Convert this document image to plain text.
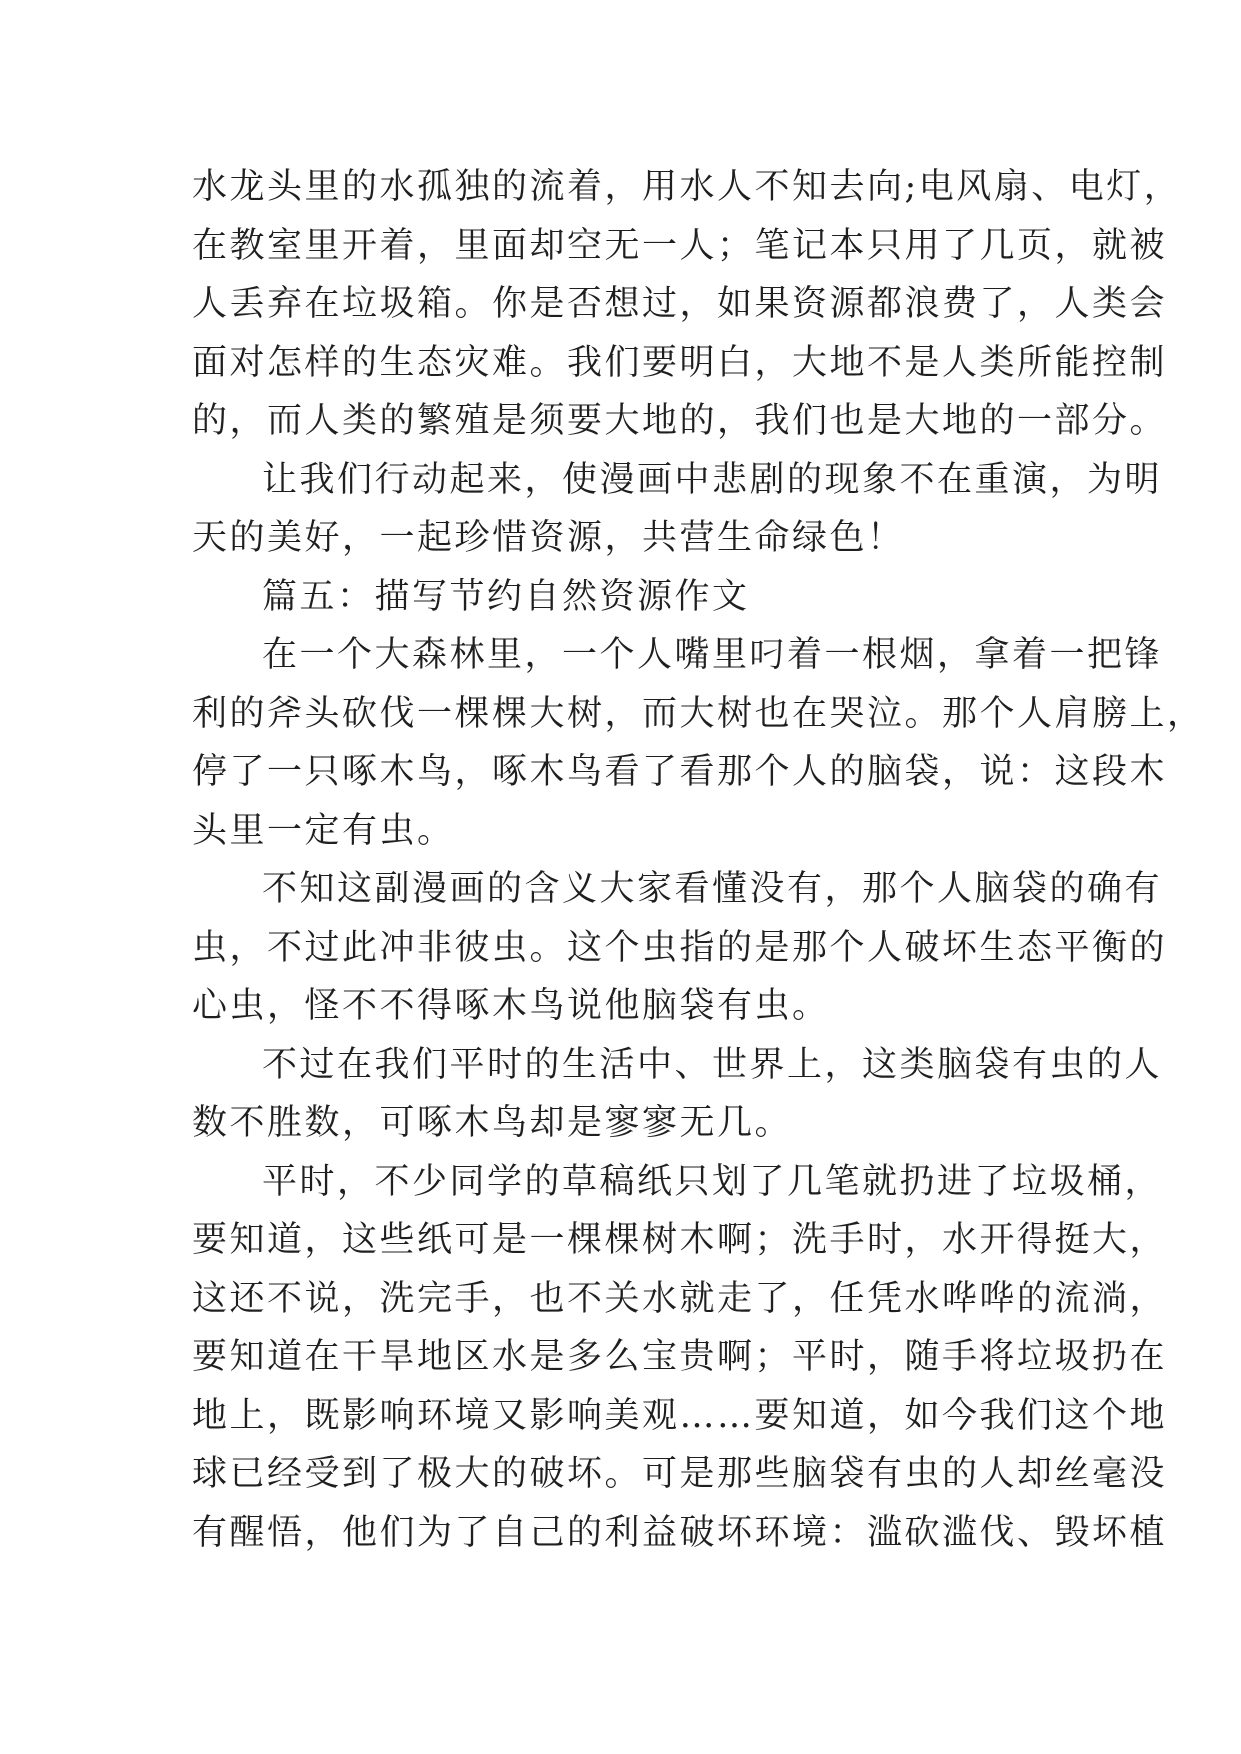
水龙头里的水孤独的流着，用水人不知去向;电风扇、电灯，
在教室里开着，里面却空无一人；笔记本只用了几页，就被
人丢弃在垃圾箱。你是否想过，如果资源都浪费了，人类会
面对怎样的生态灾难。我们要明白，大地不是人类所能控制
的，而人类的繁殖是须要大地的，我们也是大地的一部分。
让我们行动起来，使漫画中悲剧的现象不在重演，为明
天的美好，一起珍惜资源，共营生命绿色！
篇五：描写节约自然资源作文
在一个大森林里，一个人嘴里叼着一根烟，拿着一把锋
利的斧头砍伐一棵棵大树，而大树也在哭泣。那个人肩膀上，
停了一只啄木鸟，啄木鸟看了看那个人的脑袋，说：这段木
头里一定有虫。
不知这副漫画的含义大家看懂没有，那个人脑袋的确有
虫，不过此冲非彼虫。这个虫指的是那个人破坏生态平衡的
心虫，怪不不得啄木鸟说他脑袋有虫。
不过在我们平时的生活中、世界上，这类脑袋有虫的人
数不胜数，可啄木鸟却是寥寥无几。
平时，不少同学的草稿纸只划了几笔就扔进了垃圾桶，
要知道，这些纸可是一棵棵树木啊；洗手时，水开得挺大，
这还不说，洗完手，也不关水就走了，任凭水哗哗的流淌，
要知道在干旱地区水是多么宝贵啊；平时，随手将垃圾扔在
地上，既影响环境又影响美观……要知道，如今我们这个地
球已经受到了极大的破坏。可是那些脑袋有虫的人却丝毫没
有醒悟，他们为了自己的利益破坏环境：滥砍滥伐、毁坏植
